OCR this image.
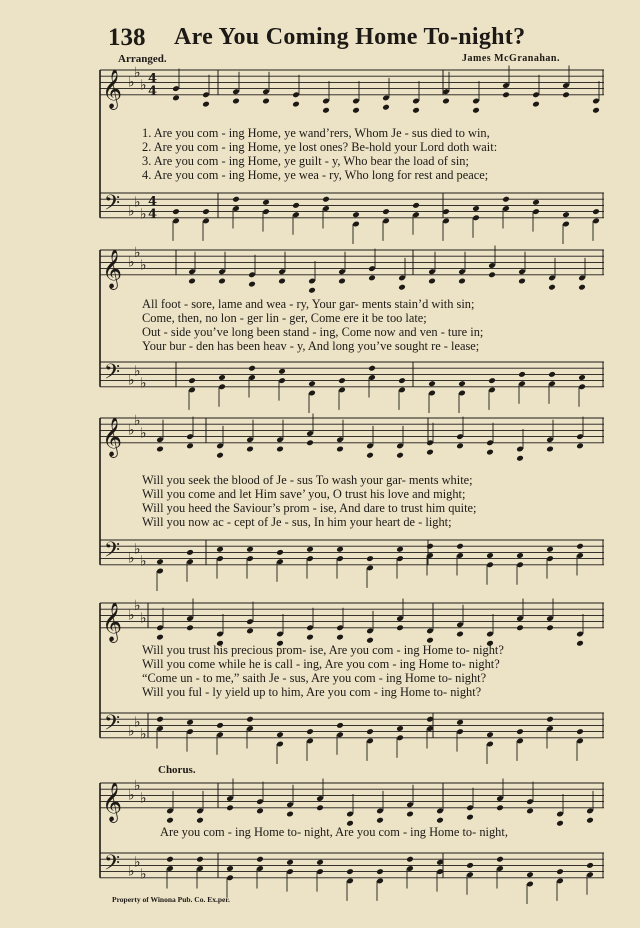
138 Are You Coming Home To-night?
Arranged.	James McGranahan.
𝄞 ♭
♭
♭ 4
4
𝄢 ♭
♭
♭
4
4
𝄞 ♭
♭
♭
𝄢 ♭
♭
♭
𝄞 ♭
♭
♭
𝄢 ♭
♭
♭
𝄞 ♭
♭
♭
𝄢 ♭
♭
♭
𝄞 ♭
♭
♭
𝄢 ♭
♭
♭
1. Are you com - ing Home, ye wand’rers, Whom Je - sus died to win,
2. Are you com - ing Home, ye lost ones? Be-hold your Lord doth wait:
3. Are you com - ing Home, ye guilt - y, Who bear the load of sin;
4. Are you com - ing Home, ye wea - ry, Who long for rest and peace;
All foot - sore, lame and wea - ry, Your gar- ments stain’d with sin;
Come, then, no lon - ger lin - ger, Come ere it be too late;
Out - side you’ve long been stand - ing, Come now and ven - ture in;
Your bur - den has been heav - y, And long you’ve sought re - lease;
Will you seek the blood of Je - sus To wash your gar- ments white;
Will you come and let Him save’ you, O trust his love and might;
Will you heed the Saviour’s prom - ise, And dare to trust him quite;
Will you now ac - cept of Je - sus, In him your heart de - light;
Will you trust his precious prom- ise, Are you com - ing Home to- night?
Will you come while he is call - ing, Are you com - ing Home to- night?
“Come un - to me,” saith Je - sus, Are you com - ing Home to- night?
Will you ful - ly yield up to him, Are you com - ing Home to- night?
Chorus.
Are you com - ing Home to- night, Are you com - ing Home to- night,
Property of Winona Pub. Co. Ex.per.
